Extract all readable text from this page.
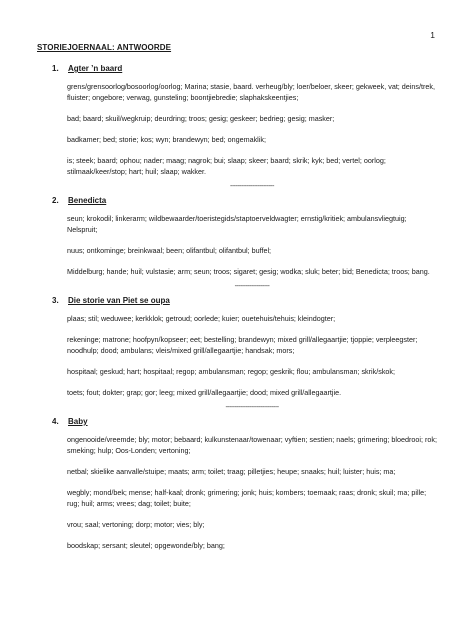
1
STORIEJOERNAAL: ANTWOORDE
1.	Agter ’n baard

grens/grensoorlog/bosoorlog/oorlog; Marina; stasie, baard. verheug/bly; loer/beloer, skeer; gekweek, vat; deins/trek, fluister; ongebore; verwag, gunsteling; boontjiebredie; slaphakskeentjies;

bad; baard; skuil/wegkruip; deurdring; troos; gesig; geskeer; bedrieg; gesig; masker;

badkamer; bed; storie; kos; wyn; brandewyn; bed; ongemaklik;

is; steek; baard; ophou; nader; maag; nagrok; bui; slaap; skeer; baard; skrik; kyk; bed; vertel; oorlog; stilmaak/keer/stop; hart; huil; slaap; wakker.

------------------------
2.	Benedicta

seun; krokodil; linkerarm; wildbewaarder/toeristegids/staptoerveldwagter; ernstig/kritiek; ambulansvliegtuig; Nelspruit;

nuus; ontkominge; breinkwaal; been; olifantbul; olifantbul; buffel;

Middelburg; hande; huil; vulstasie; arm; seun; troos; sigaret; gesig; wodka; sluk; beter; bid; Benedicta; troos; bang.

-------------------
3.	Die storie van Piet se oupa

plaas; stil; weduwee; kerkklok; getroud; oorlede; kuier; ouetehuis/tehuis; kleindogter;

rekeninge; matrone; hoofpyn/kopseer; eet; bestelling; brandewyn; mixed grill/allegaartjie; tjoppie; verpleegster; noodhulp; dood; ambulans; vleis/mixed grill/allegaartjie; handsak; mors;

hospitaal; geskud; hart; hospitaal; regop; ambulansman; regop; geskrik; flou; ambulansman; skrik/skok;

toets; fout; dokter; grap; gor; leeg; mixed grill/allegaartjie; dood; mixed grill/allegaartjie.

-----------------------------
4.	Baby

ongenooide/vreemde; bly; motor; bebaard; kulkunstenaar/towenaar; vyftien; sestien; naels; grimering; bloedrooi; rok; smeking; hulp; Oos-Londen; vertoning;

netbal; skielike aanvalle/stuipe; maats; arm; toilet; traag; pilletjies; heupe; snaaks; huil; luister; huis; ma;

wegbly; mond/bek; mense; half-kaal; dronk; grimering; jonk; huis; kombers; toemaak; raas; dronk; skuil; ma; pille; rug; huil; arms; vrees; dag; toilet; buite;

vrou; saal; vertoning; dorp; motor; vies; bly;

boodskap; sersant; sleutel; opgewonde/bly; bang;
